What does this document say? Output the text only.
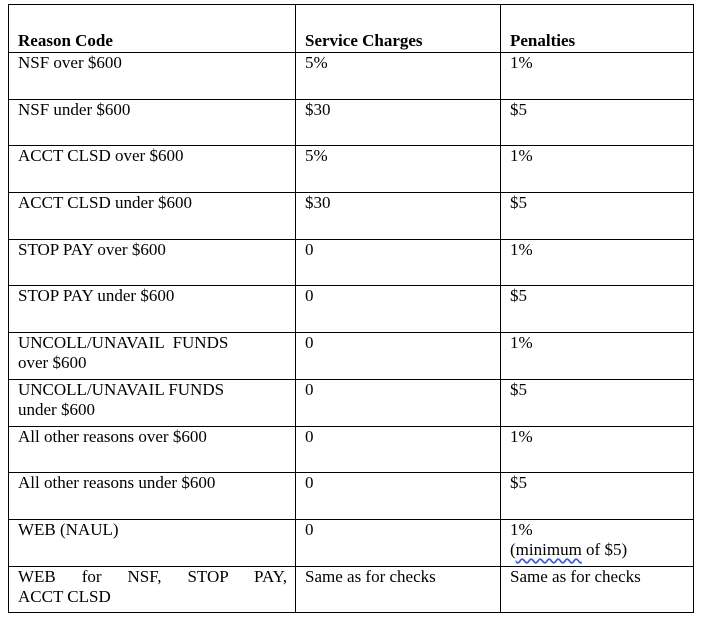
Reason Code	Service Charges	Penalties
NSF over $600	5%	1%
NSF under $600	$30	$5
ACCT CLSD over $600	5%	1%
ACCT CLSD under $600	$30	$5
STOP PAY over $600	0	1%
STOP PAY under $600	0	$5

UNCOLL/UNAVAIL  FUNDS
over $600	0	1%

UNCOLL/UNAVAIL FUNDS
under $600	0	$5
All other reasons over $600	0	1%
All other reasons under $600	0	$5
WEB (NAUL)	0	1%
(minimum of $5)

WEB for NSF, STOP PAY,
ACCT CLSD	Same as for checks	Same as for checks
